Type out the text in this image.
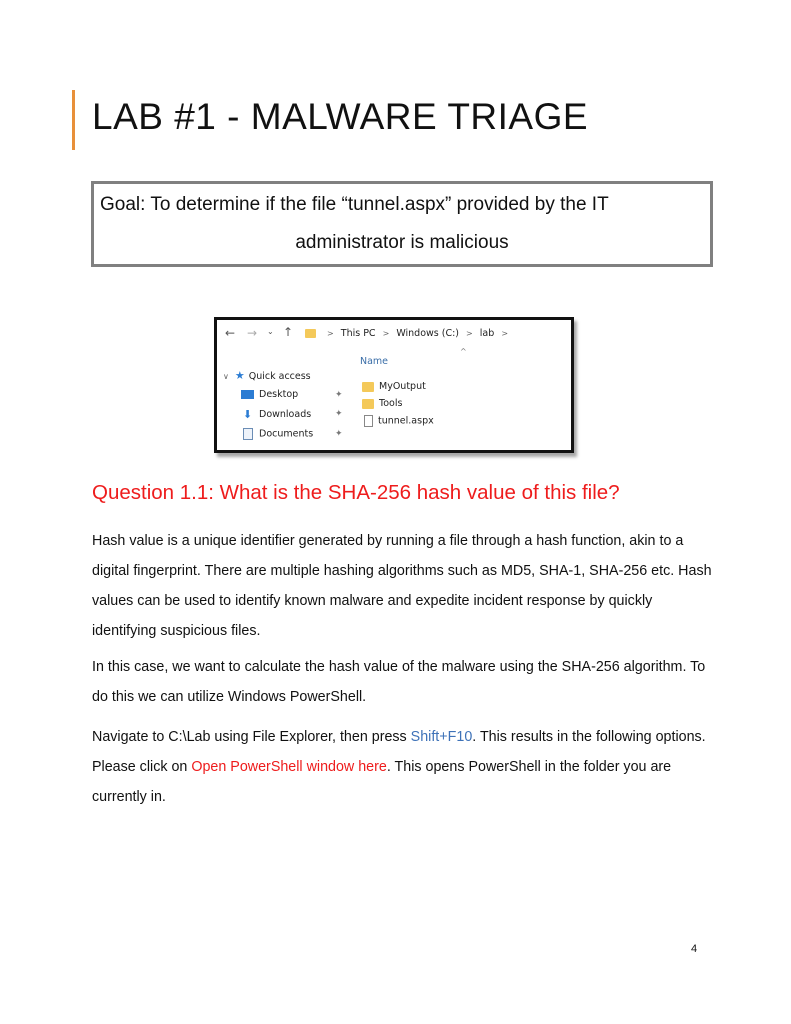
LAB #1 - MALWARE TRIAGE
Goal: To determine if the file “tunnel.aspx” provided by the IT
administrator is malicious
← → ⌄ ↑	> This PC > Windows (C:) > lab >
^
Name
∨ ★ Quick access
Desktop	✦
⬇ Downloads	✦
Documents ✦
MyOutput
Tools
tunnel.aspx
Question 1.1: What is the SHA-256 hash value of this file?

Hash value is a unique identifier generated by running a file through a hash function, akin to a digital fingerprint. There are multiple hashing algorithms such as MD5, SHA-1, SHA-256 etc. Hash values can be used to identify known malware and expedite incident response by quickly identifying suspicious files.

In this case, we want to calculate the hash value of the malware using the SHA-256 algorithm. To do this we can utilize Windows PowerShell.

Navigate to C:\Lab using File Explorer, then press Shift+F10. This results in the following options. Please click on Open PowerShell window here. This opens PowerShell in the folder you are currently in.

4
